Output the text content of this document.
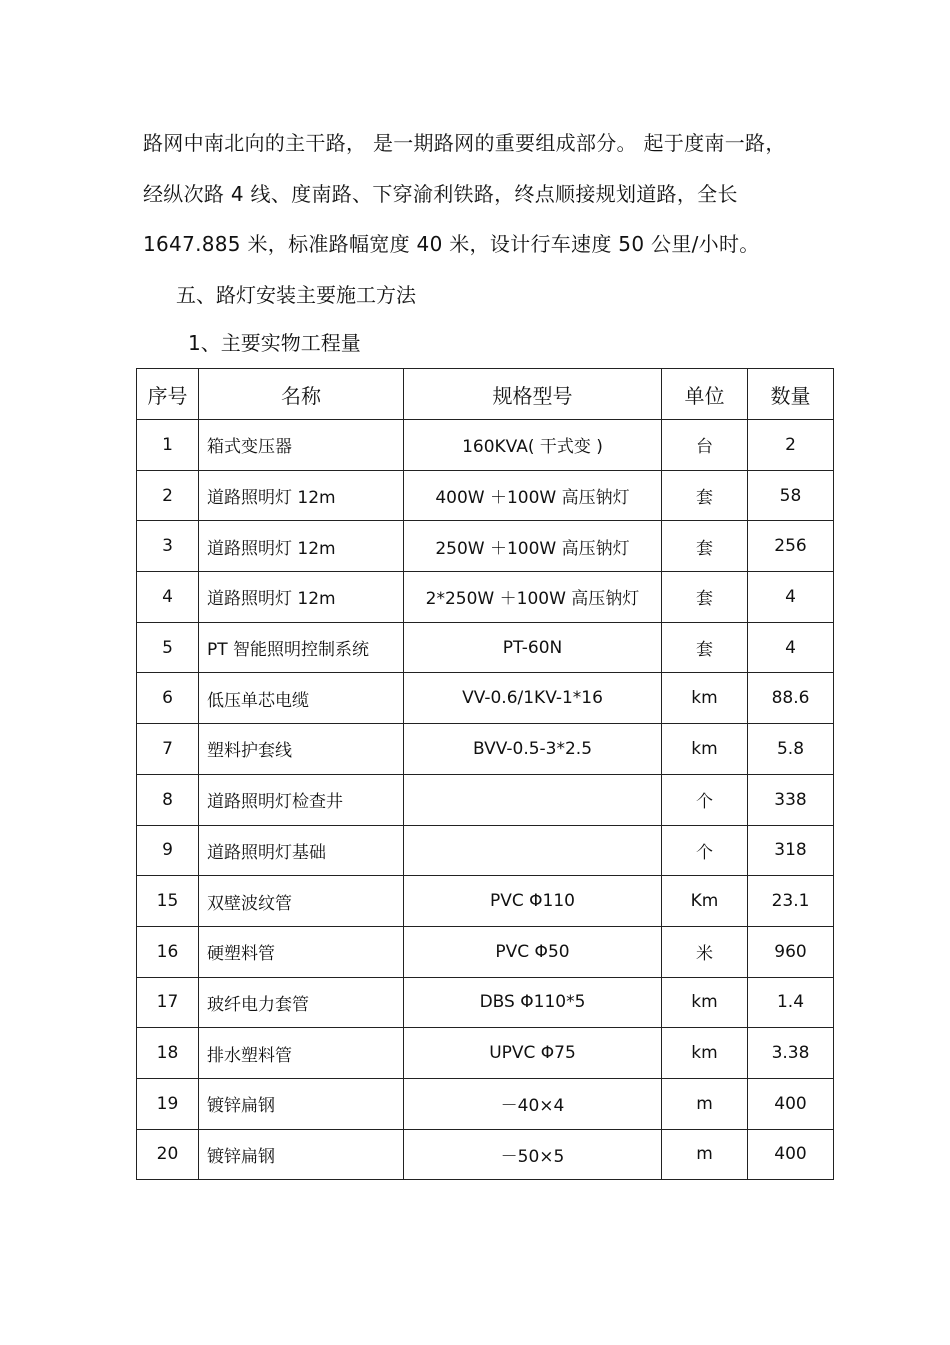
路网中南北向的主干路， 是一期路网的重要组成部分。 起于度南一路，
经纵次路 4 线、度南路、下穿渝利铁路，终点顺接规划道路，全长
1647.885 米，标准路幅宽度 40 米，设计行车速度 50 公里/小时。
五、路灯安装主要施工方法
1、主要实物工程量
序号	名称	规格型号	单位	数量
1	箱式变压器	160KVA( 干式变 )	台	2
2	道路照明灯 12m	400W ＋100W 高压钠灯	套	58
3	道路照明灯 12m	250W ＋100W 高压钠灯	套	256
4	道路照明灯 12m	2*250W ＋100W 高压钠灯	套	4
5	PT 智能照明控制系统	PT-60N	套	4
6	低压单芯电缆	VV-0.6/1KV-1*16	km	88.6
7	塑料护套线	BVV-0.5-3*2.5	km	5.8
8	道路照明灯检查井		个	338
9	道路照明灯基础		个	318
15	双壁波纹管	PVC Φ110	Km	23.1
16	硬塑料管	PVC Φ50	米	960
17	玻纤电力套管	DBS Φ110*5	km	1.4
18	排水塑料管	UPVC Φ75	km	3.38
19	镀锌扁钢	－40×4	m	400
20	镀锌扁钢	－50×5	m	400
